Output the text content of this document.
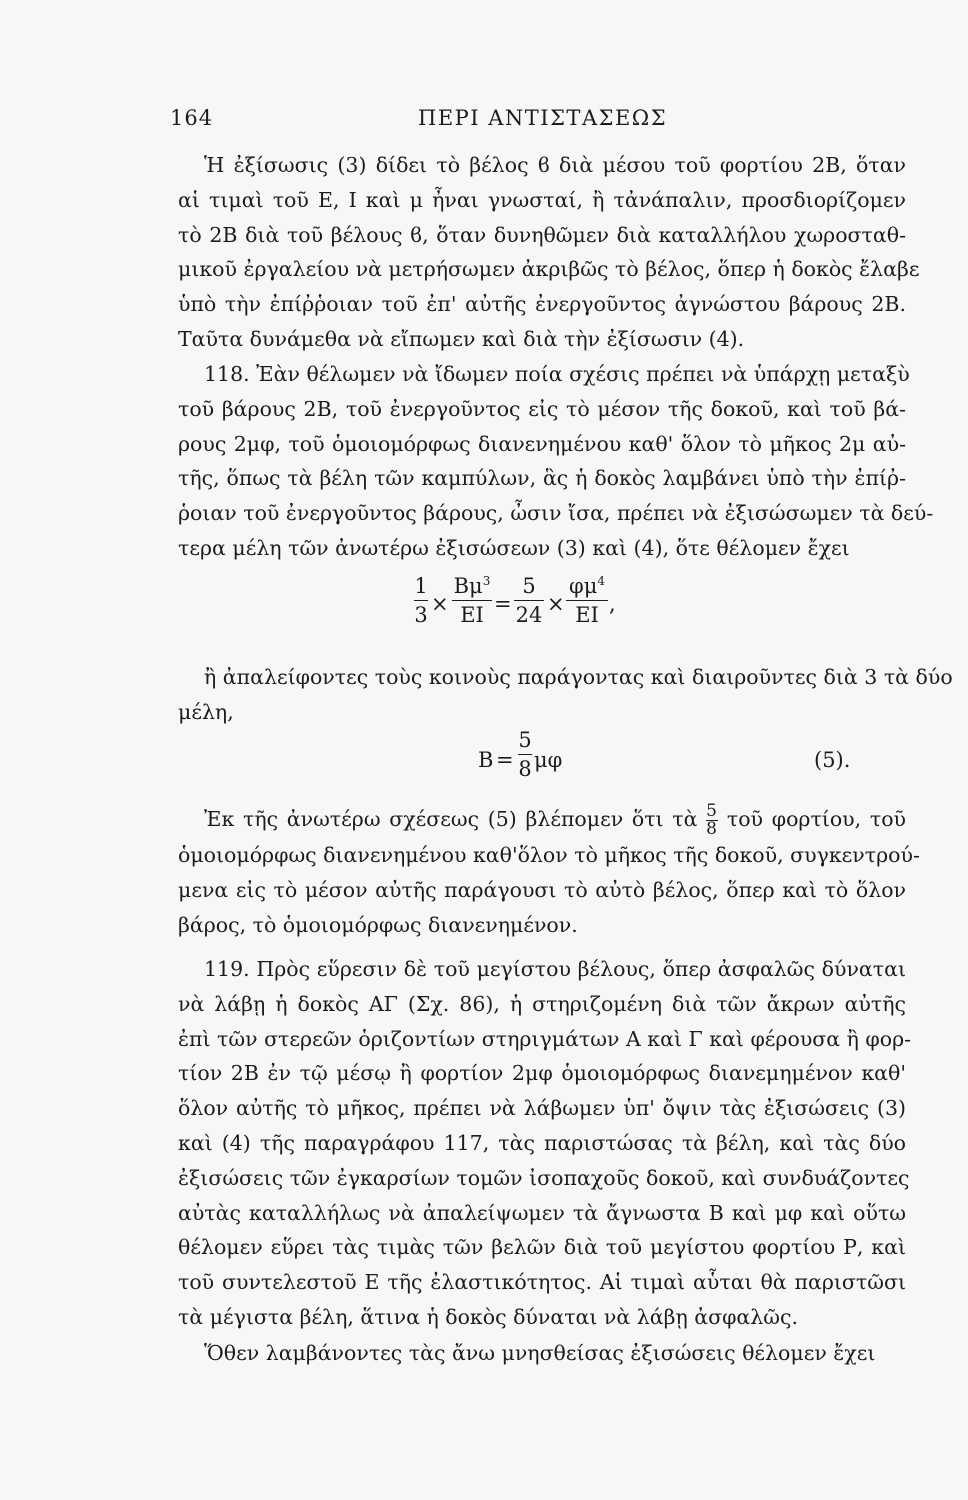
164	ΠΕΡΙ ΑΝΤΙΣΤΑΣΕΩΣ
Ἡ ἐξίσωσις (3) δίδει τὸ βέλος ϐ διὰ μέσου τοῦ φορτίου 2Β, ὅταν
αἱ τιμαὶ τοῦ Ε, Ι καὶ μ ἦναι γνωσταί, ἢ τἀνάπαλιν, προσδιορίζομεν
τὸ 2Β διὰ τοῦ βέλους ϐ, ὅταν δυνηθῶμεν διὰ καταλλήλου χωροσταθ-
μικοῦ ἐργαλείου νὰ μετρήσωμεν ἀκριβῶς τὸ βέλος, ὅπερ ἡ δοκὸς ἔλαβε
ὑπὸ τὴν ἐπίῤῥοιαν τοῦ ἐπ' αὐτῆς ἐνεργοῦντος ἀγνώστου βάρους 2Β.
Ταῦτα δυνάμεθα νὰ εἴπωμεν καὶ διὰ τὴν ἐξίσωσιν (4).
118. Ἐὰν θέλωμεν νὰ ἴδωμεν ποία σχέσις πρέπει νὰ ὑπάρχῃ μεταξὺ
τοῦ βάρους 2Β, τοῦ ἐνεργοῦντος εἰς τὸ μέσον τῆς δοκοῦ, καὶ τοῦ βά-
ρους 2μφ, τοῦ ὁμοιομόρφως διανενημένου καθ' ὅλον τὸ μῆκος 2μ αὐ-
τῆς, ὅπως τὰ βέλη τῶν καμπύλων, ἃς ἡ δοκὸς λαμβάνει ὑπὸ τὴν ἐπίῤ-
ῥοιαν τοῦ ἐνεργοῦντος βάρους, ὦσιν ἴσα, πρέπει νὰ ἐξισώσωμεν τὰ δεύ-
τερα μέλη τῶν ἀνωτέρω ἐξισώσεων (3) καὶ (4), ὅτε θέλομεν ἔχει
1
3 ×
$B\mu^3$
ΕΙ =
5
24 ×
$\varphi\mu^4$
ΕΙ ,
ἢ ἀπαλείφοντες τοὺς κοινοὺς παράγοντας καὶ διαιροῦντες διὰ 3 τὰ δύο
μέλη,
Β =
5
8 μφ	(5).
Ἐκ τῆς ἀνωτέρω σχέσεως (5) βλέπομεν ὅτι τὰ $\frac{5}{8}$ τοῦ φορτίου, τοῦ
ὁμοιομόρφως διανενημένου καθ'ὅλον τὸ μῆκος τῆς δοκοῦ, συγκεντρού-
μενα εἰς τὸ μέσον αὐτῆς παράγουσι τὸ αὐτὸ βέλος, ὅπερ καὶ τὸ ὅλον
βάρος, τὸ ὁμοιομόρφως διανενημένον.
119. Πρὸς εὕρεσιν δὲ τοῦ μεγίστου βέλους, ὅπερ ἀσφαλῶς δύναται
νὰ λάβῃ ἡ δοκὸς ΑΓ (Σχ. 86), ἡ στηριζομένη διὰ τῶν ἄκρων αὐτῆς
ἐπὶ τῶν στερεῶν ὁριζοντίων στηριγμάτων Α καὶ Γ καὶ φέρουσα ἢ φορ-
τίον 2Β ἐν τῷ μέσῳ ἢ φορτίον 2μφ ὁμοιομόρφως διανεμημένον καθ'
ὅλον αὐτῆς τὸ μῆκος, πρέπει νὰ λάβωμεν ὑπ' ὄψιν τὰς ἐξισώσεις (3)
καὶ (4) τῆς παραγράφου 117, τὰς παριστώσας τὰ βέλη, καὶ τὰς δύο
ἐξισώσεις τῶν ἐγκαρσίων τομῶν ἰσοπαχοῦς δοκοῦ, καὶ συνδυάζοντες
αὐτὰς καταλλήλως νὰ ἀπαλείψωμεν τὰ ἄγνωστα Β καὶ μφ καὶ οὕτω
θέλομεν εὕρει τὰς τιμὰς τῶν βελῶν διὰ τοῦ μεγίστου φορτίου Ρ, καὶ
τοῦ συντελεστοῦ Ε τῆς ἐλαστικότητος. Αἱ τιμαὶ αὗται θὰ παριστῶσι
τὰ μέγιστα βέλη, ἅτινα ἡ δοκὸς δύναται νὰ λάβῃ ἀσφαλῶς.
Ὅθεν λαμβάνοντες τὰς ἄνω μνησθείσας ἐξισώσεις θέλομεν ἔχει
